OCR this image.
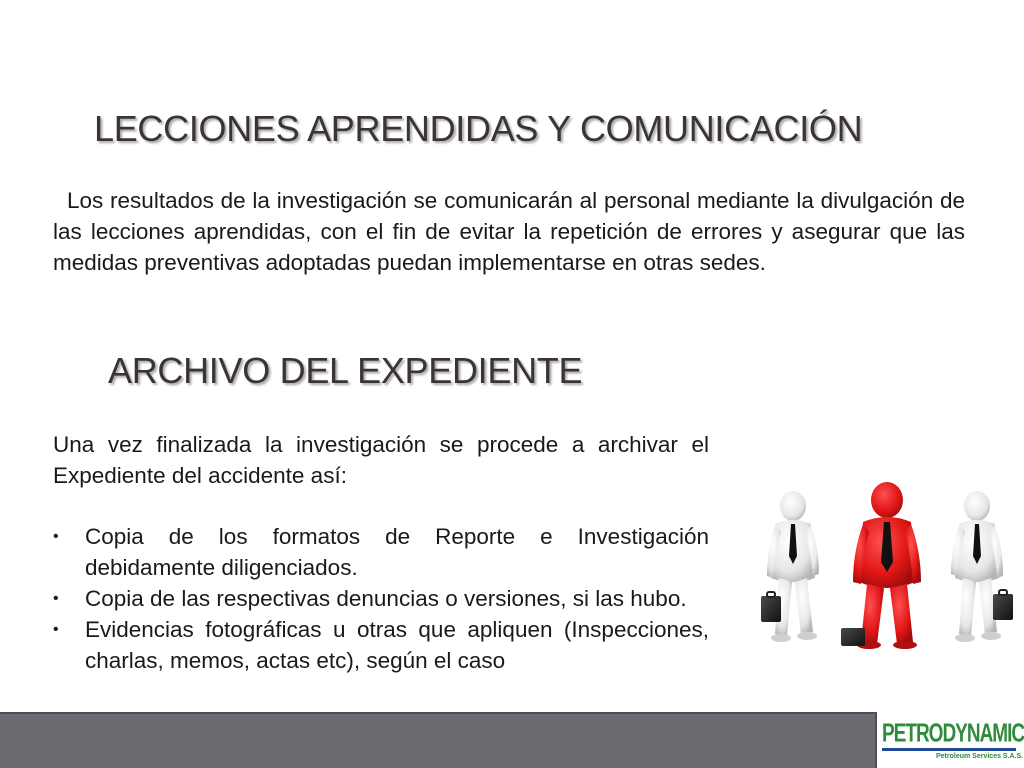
LECCIONES APRENDIDAS Y COMUNICACIÓN

Los resultados de la investigación se comunicarán al personal mediante la divulgación de las lecciones aprendidas, con el fin de evitar la repetición de errores y asegurar que las medidas preventivas adoptadas puedan implementarse en otras sedes.

ARCHIVO DEL EXPEDIENTE

Una vez finalizada la investigación se procede a archivar el Expediente del accidente así:

• Copia de los formatos de Reporte e Investigación debidamente diligenciados.
• Copia de las respectivas denuncias o versiones, si las hubo.
• Evidencias fotográficas u otras que apliquen (Inspecciones, charlas, memos, actas etc), según el caso
PETRODYNAMIC
Petroleum Services S.A.S.
